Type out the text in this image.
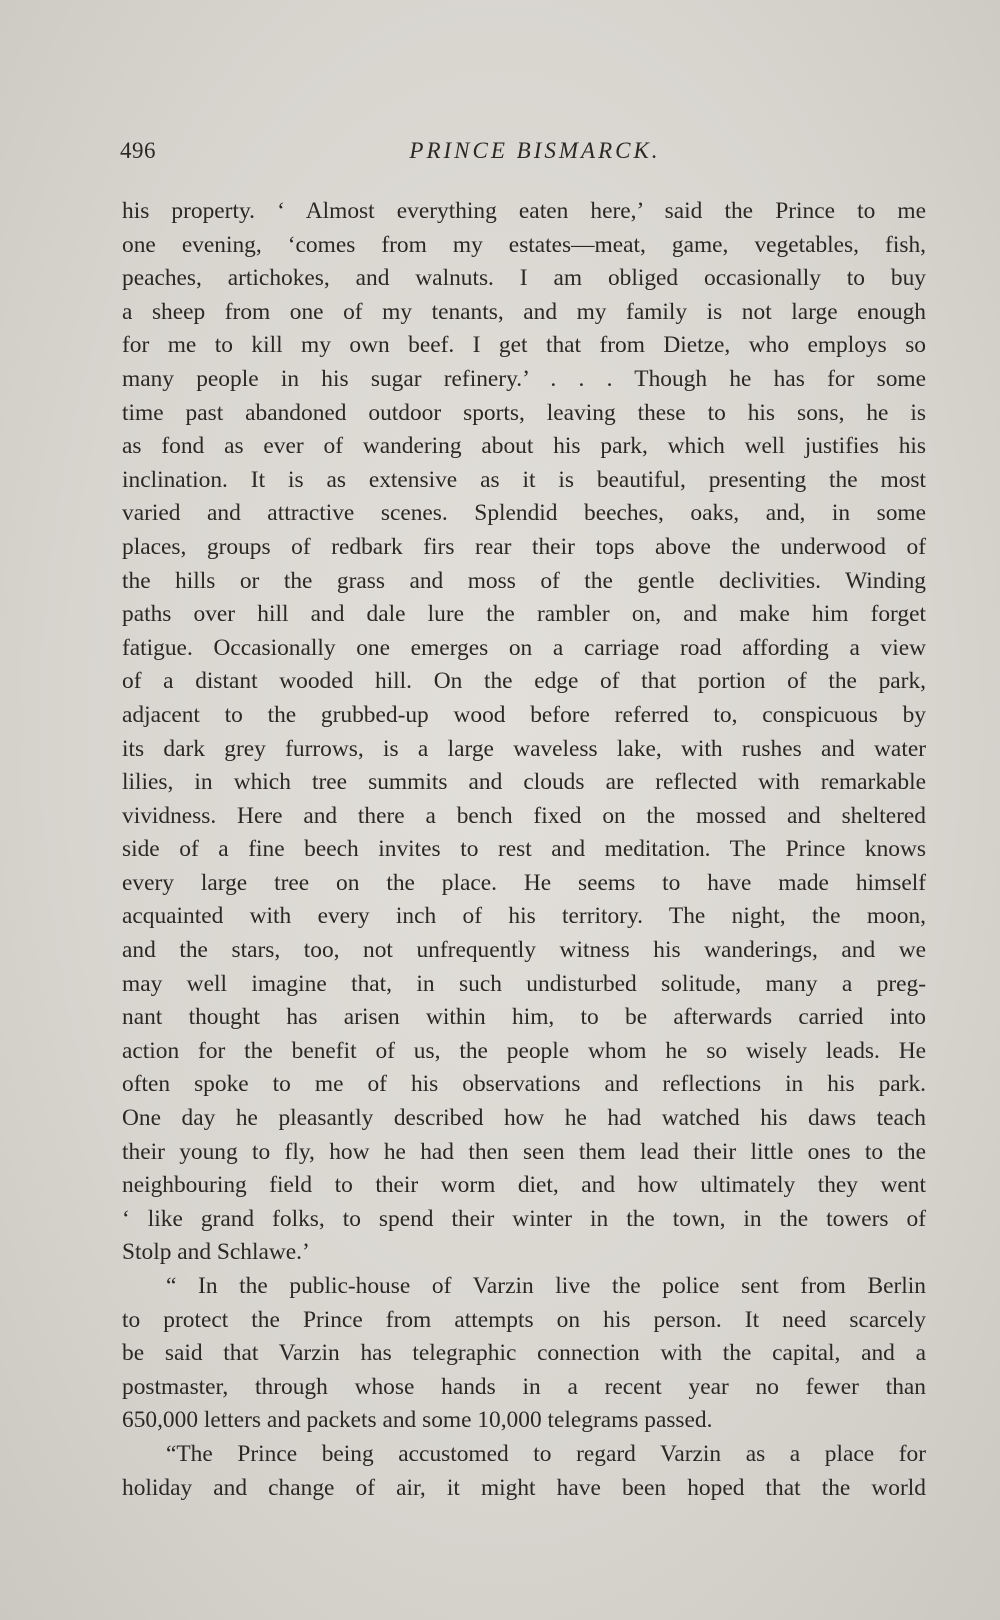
496	PRINCE BISMARCK.
his property. ‘ Almost everything eaten here,’ said the Prince to me
one evening, ‘comes from my estates—meat, game, vegetables, fish,
peaches, artichokes, and walnuts. I am obliged occasionally to buy
a sheep from one of my tenants, and my family is not large enough
for me to kill my own beef. I get that from Dietze, who employs so
many people in his sugar refinery.’ . . . Though he has for some
time past abandoned outdoor sports, leaving these to his sons, he is
as fond as ever of wandering about his park, which well justifies his
inclination. It is as extensive as it is beautiful, presenting the most
varied and attractive scenes. Splendid beeches, oaks, and, in some
places, groups of redbark firs rear their tops above the underwood of
the hills or the grass and moss of the gentle declivities. Winding
paths over hill and dale lure the rambler on, and make him forget
fatigue. Occasionally one emerges on a carriage road affording a view
of a distant wooded hill. On the edge of that portion of the park,
adjacent to the grubbed-up wood before referred to, conspicuous by
its dark grey furrows, is a large waveless lake, with rushes and water
lilies, in which tree summits and clouds are reflected with remarkable
vividness. Here and there a bench fixed on the mossed and sheltered
side of a fine beech invites to rest and meditation. The Prince knows
every large tree on the place. He seems to have made himself
acquainted with every inch of his territory. The night, the moon,
and the stars, too, not unfrequently witness his wanderings, and we
may well imagine that, in such undisturbed solitude, many a preg-
nant thought has arisen within him, to be afterwards carried into
action for the benefit of us, the people whom he so wisely leads. He
often spoke to me of his observations and reflections in his park.
One day he pleasantly described how he had watched his daws teach
their young to fly, how he had then seen them lead their little ones to the
neighbouring field to their worm diet, and how ultimately they went
‘ like grand folks, to spend their winter in the town, in the towers of
Stolp and Schlawe.’
“ In the public-house of Varzin live the police sent from Berlin
to protect the Prince from attempts on his person. It need scarcely
be said that Varzin has telegraphic connection with the capital, and a
postmaster, through whose hands in a recent year no fewer than
650,000 letters and packets and some 10,000 telegrams passed.
“The Prince being accustomed to regard Varzin as a place for
holiday and change of air, it might have been hoped that the world
